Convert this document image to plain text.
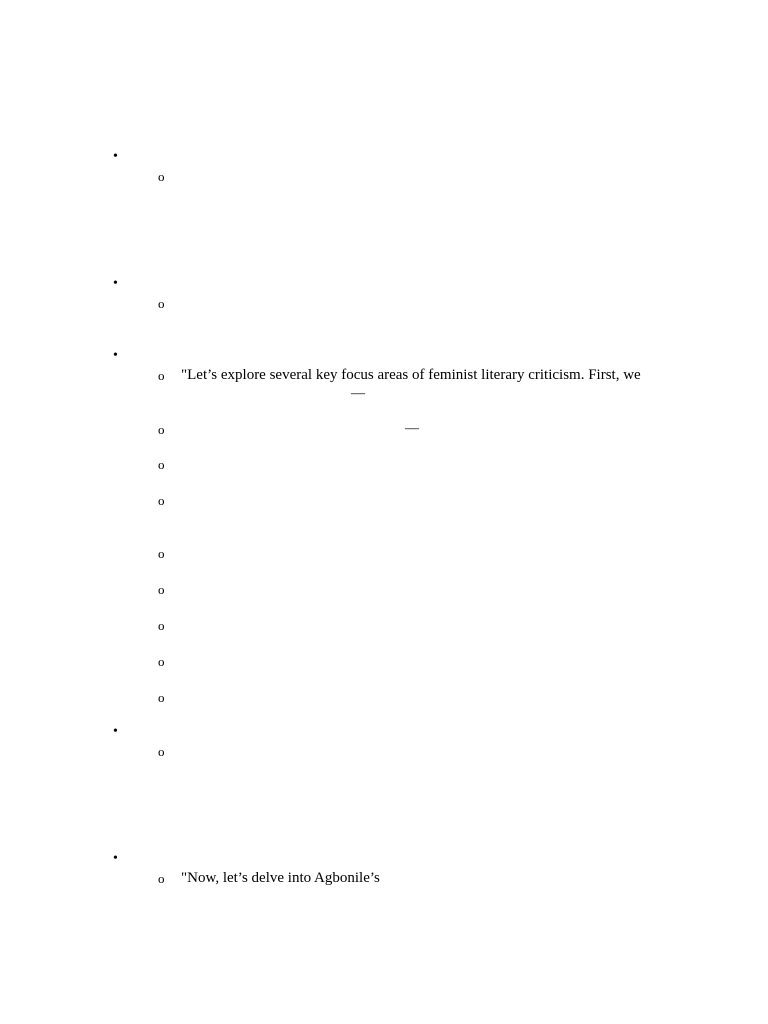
•
o
•
o
•
o "Let’s explore several key focus areas of feminist literary criticism. First, we
—
o	—
o
o
o
o
o
o
o
•
o
•
o "Now, let’s delve into Agbonile’s
